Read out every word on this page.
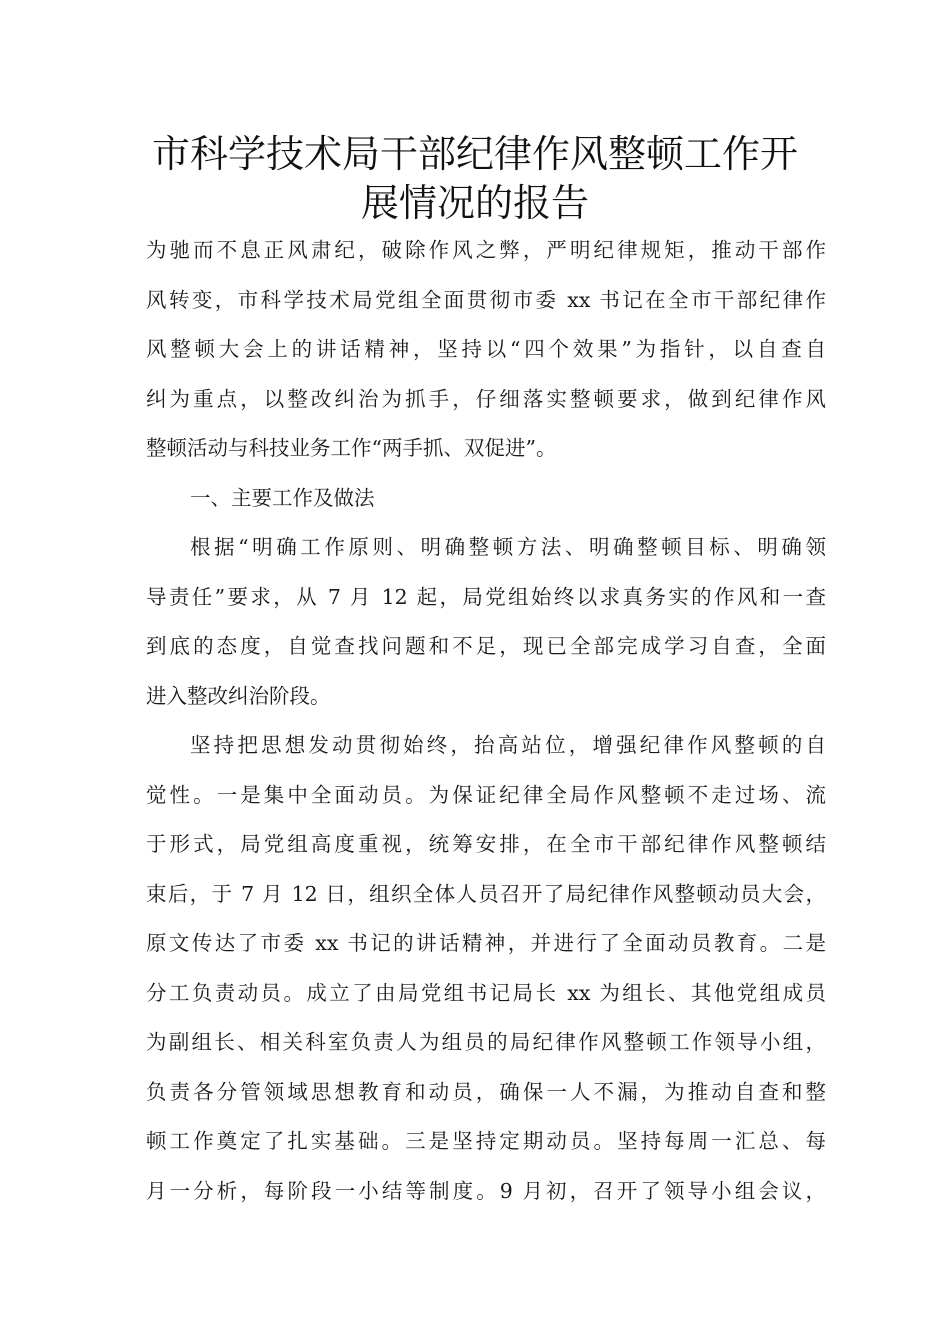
市科学技术局干部纪律作风整顿工作开
展情况的报告
为驰而不息正风肃纪，破除作风之弊，严明纪律规矩，推动干部作
风转变，市科学技术局党组全面贯彻市委 xx 书记在全市干部纪律作
风整顿大会上的讲话精神，坚持以“四个效果”为指针，以自查自
纠为重点，以整改纠治为抓手，仔细落实整顿要求，做到纪律作风
整顿活动与科技业务工作“两手抓、双促进”。
一、主要工作及做法
根据“明确工作原则、明确整顿方法、明确整顿目标、明确领
导责任”要求，从 7 月 12 起，局党组始终以求真务实的作风和一查
到底的态度，自觉查找问题和不足，现已全部完成学习自查，全面
进入整改纠治阶段。
坚持把思想发动贯彻始终，抬高站位，增强纪律作风整顿的自
觉性。一是集中全面动员。为保证纪律全局作风整顿不走过场、流
于形式，局党组高度重视，统筹安排，在全市干部纪律作风整顿结
束后，于 7 月 12 日，组织全体人员召开了局纪律作风整顿动员大会，
原文传达了市委 xx 书记的讲话精神，并进行了全面动员教育。二是
分工负责动员。成立了由局党组书记局长 xx 为组长、其他党组成员
为副组长、相关科室负责人为组员的局纪律作风整顿工作领导小组，
负责各分管领域思想教育和动员，确保一人不漏，为推动自查和整
顿工作奠定了扎实基础。三是坚持定期动员。坚持每周一汇总、每
月一分析，每阶段一小结等制度。9 月初，召开了领导小组会议，
